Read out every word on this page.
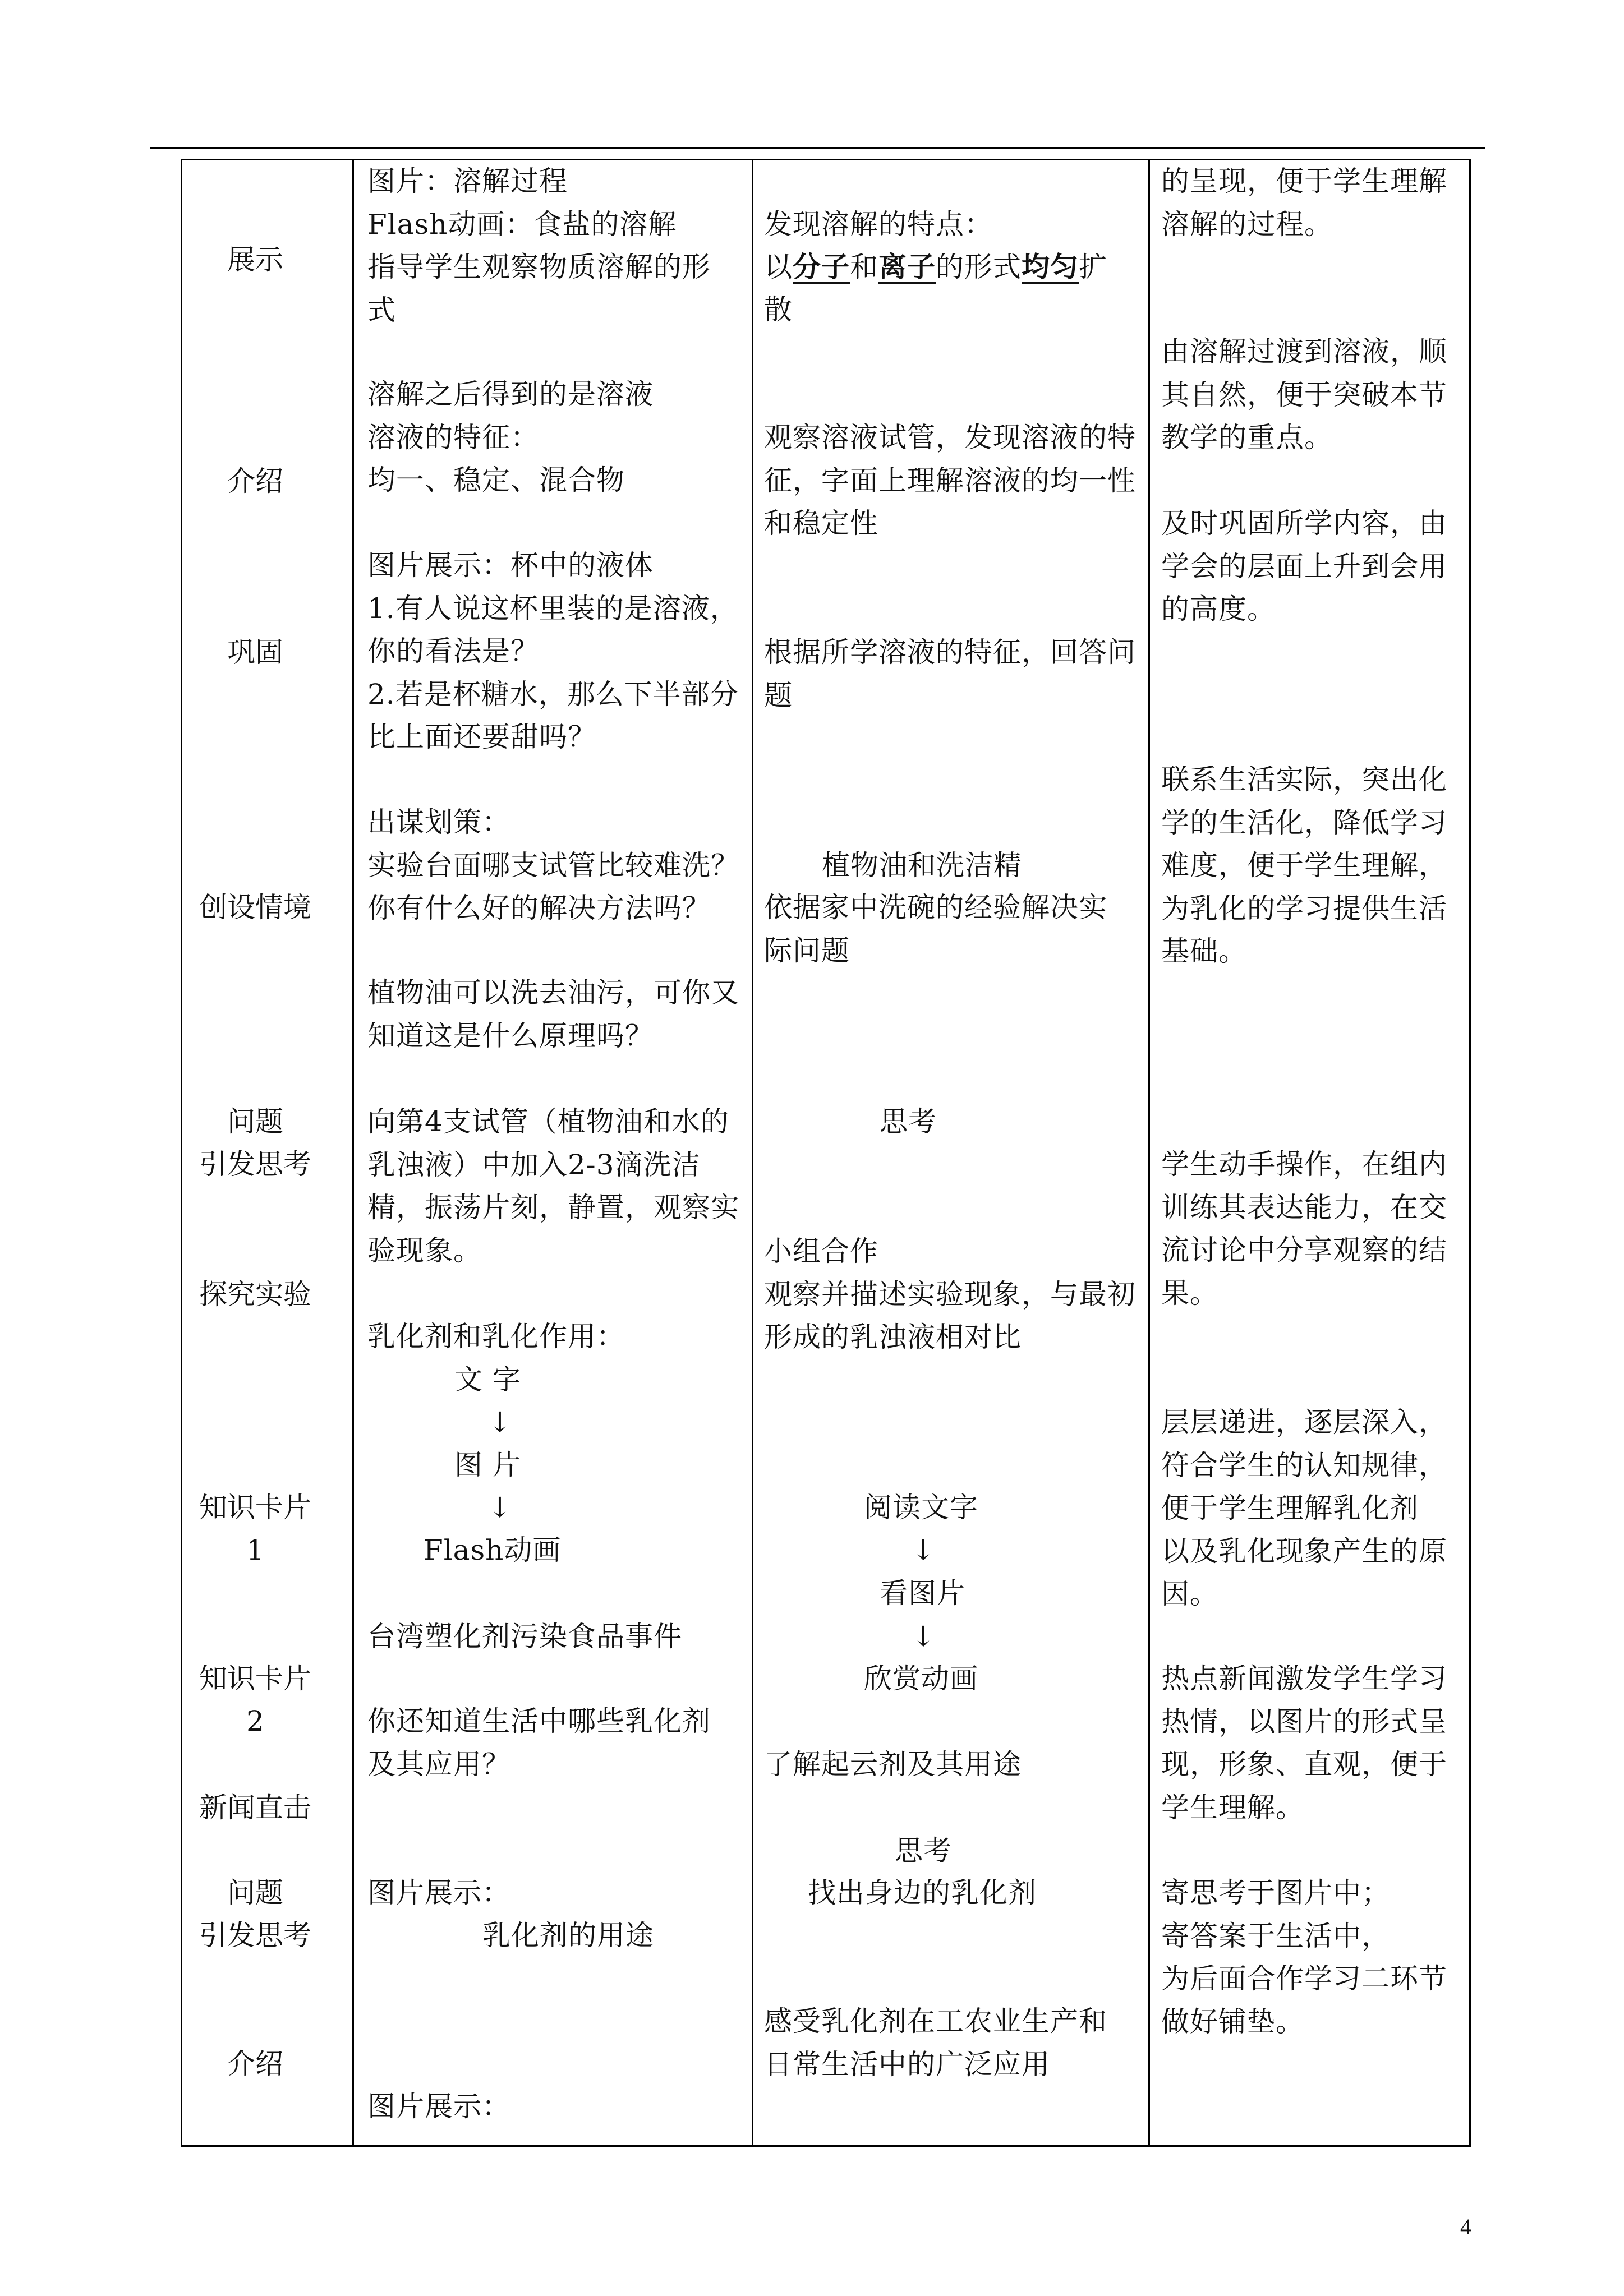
展示
介绍
巩固
创设情境
问题
引发思考
探究实验
知识卡片
1
知识卡片
2
新闻直击
问题
引发思考
介绍
图片：溶解过程
Flash动画：食盐的溶解
指导学生观察物质溶解的形
式
溶解之后得到的是溶液
溶液的特征：
均一、稳定、混合物
图片展示：杯中的液体
1.有人说这杯里装的是溶液，
你的看法是？
2.若是杯糖水，那么下半部分
比上面还要甜吗？
出谋划策：
实验台面哪支试管比较难洗？
你有什么好的解决方法吗？
植物油可以洗去油污，可你又
知道这是什么原理吗？
向第4支试管（植物油和水的
乳浊液）中加入2-3滴洗洁
精，振荡片刻，静置，观察实
验现象。
乳化剂和乳化作用：
文 字
↓
图 片
↓
Flash动画
台湾塑化剂污染食品事件
你还知道生活中哪些乳化剂
及其应用？
图片展示：
乳化剂的用途
图片展示：
发现溶解的特点：
以分子和离子的形式均匀扩
散
观察溶液试管，发现溶液的特
征，字面上理解溶液的均一性
和稳定性
根据所学溶液的特征，回答问
题
植物油和洗洁精
依据家中洗碗的经验解决实
际问题
思考
小组合作
观察并描述实验现象，与最初
形成的乳浊液相对比
阅读文字
↓
看图片
↓
欣赏动画
了解起云剂及其用途
思考
找出身边的乳化剂
感受乳化剂在工农业生产和
日常生活中的广泛应用
的呈现，便于学生理解
溶解的过程。
由溶解过渡到溶液，顺
其自然，便于突破本节
教学的重点。
及时巩固所学内容，由
学会的层面上升到会用
的高度。
联系生活实际，突出化
学的生活化，降低学习
难度，便于学生理解，
为乳化的学习提供生活
基础。
学生动手操作，在组内
训练其表达能力，在交
流讨论中分享观察的结
果。
层层递进，逐层深入，
符合学生的认知规律，
便于学生理解乳化剂
以及乳化现象产生的原
因。
热点新闻激发学生学习
热情，以图片的形式呈
现，形象、直观，便于
学生理解。
寄思考于图片中；
寄答案于生活中，
为后面合作学习二环节
做好铺垫。
4
